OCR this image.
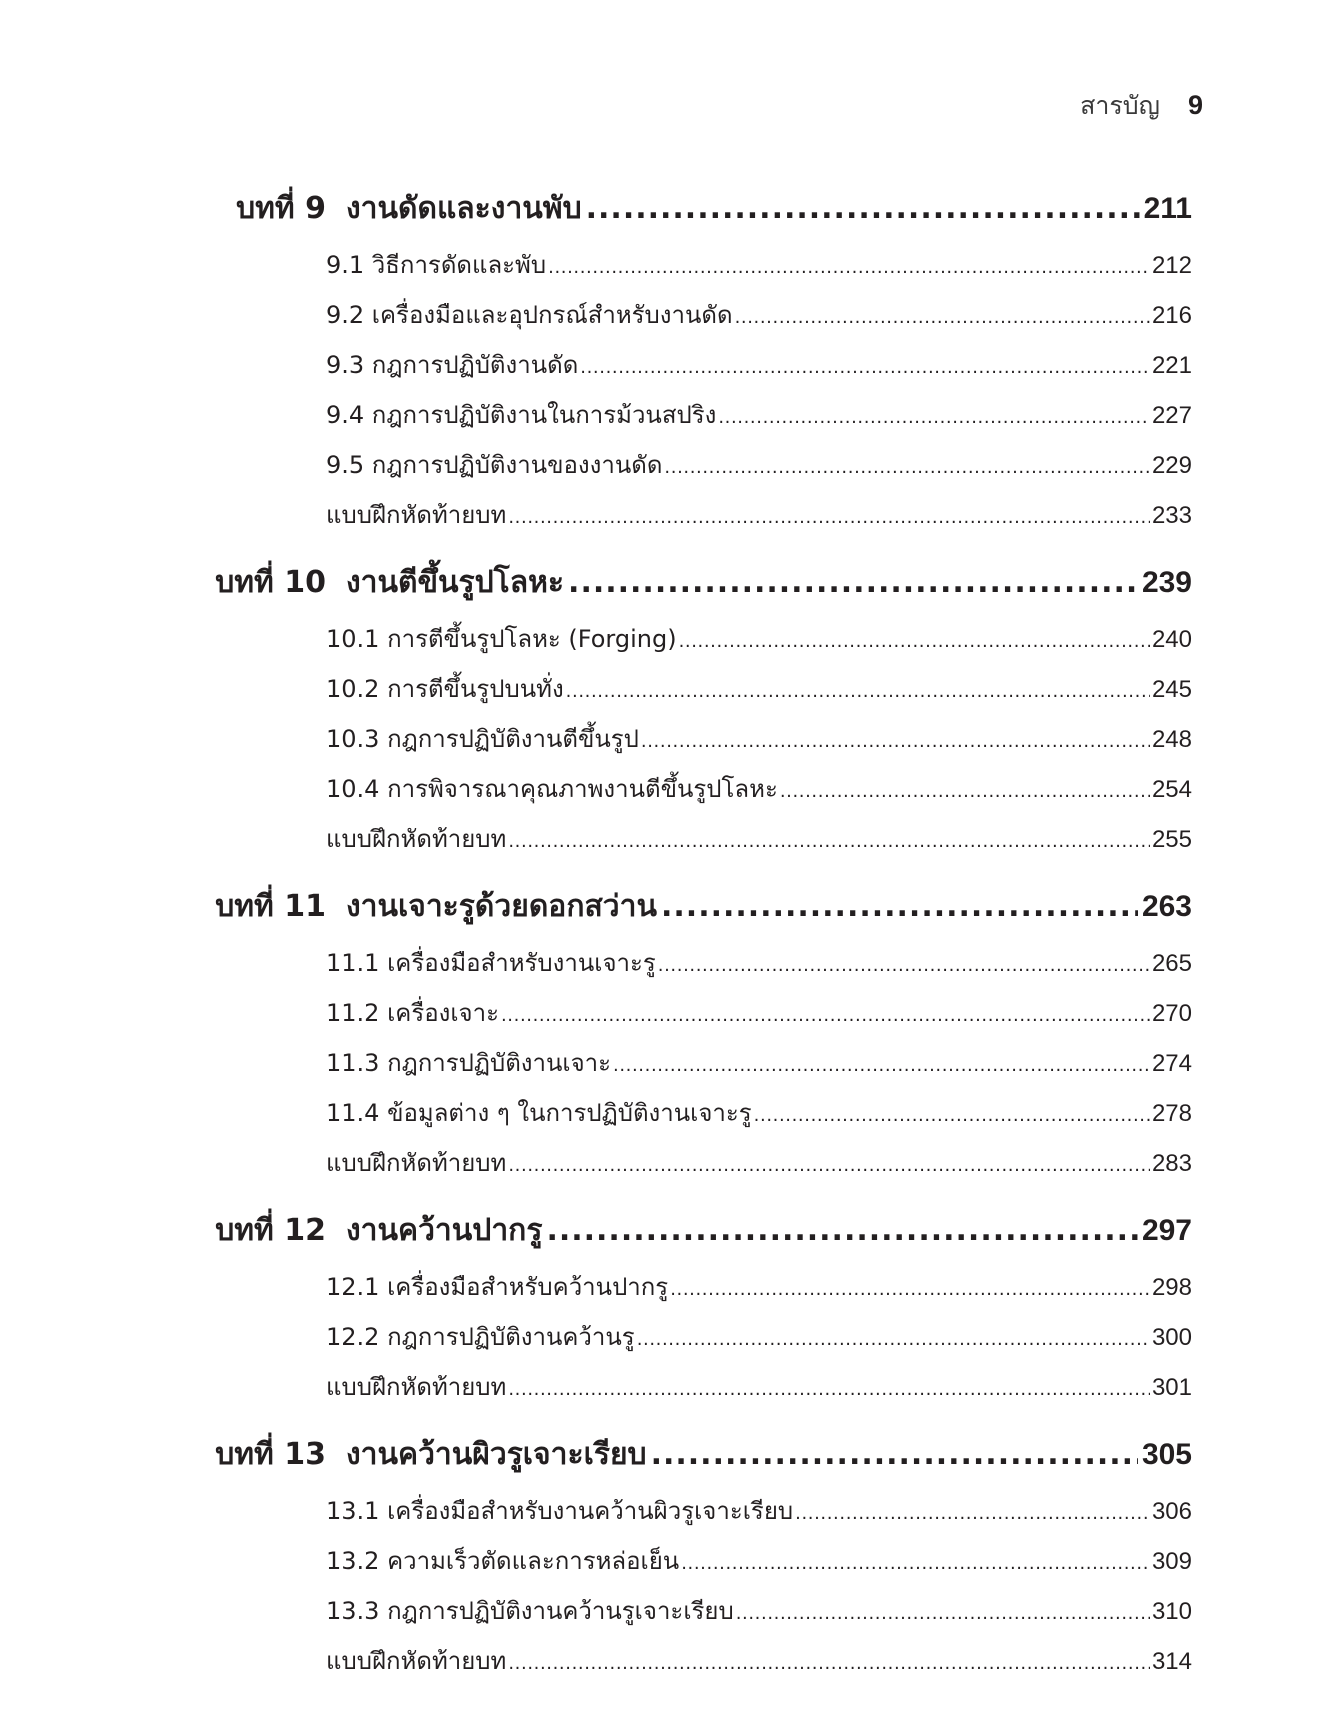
สารบัญ 9
บทที่ 9 งานดัดและงานพับ .....	211
9.1 วิธีการดัดและพับ .....	212
9.2 เครื่องมือและอุปกรณ์สำหรับงานดัด .....	216
9.3 กฎการปฏิบัติงานดัด .....	221
9.4 กฎการปฏิบัติงานในการม้วนสปริง .....	227
9.5 กฎการปฏิบัติงานของงานดัด .....	229
แบบฝึกหัดท้ายบท .....	233
บทที่ 10 งานตีขึ้นรูปโลหะ .....	239
10.1 การตีขึ้นรูปโลหะ (Forging) .....	240
10.2 การตีขึ้นรูปบนทั่ง .....	245
10.3 กฎการปฏิบัติงานตีขึ้นรูป .....	248
10.4 การพิจารณาคุณภาพงานตีขึ้นรูปโลหะ .....	254
แบบฝึกหัดท้ายบท .....	255
บทที่ 11 งานเจาะรูด้วยดอกสว่าน .....	263
11.1 เครื่องมือสำหรับงานเจาะรู .....	265
11.2 เครื่องเจาะ .....	270
11.3 กฎการปฏิบัติงานเจาะ .....	274
11.4 ข้อมูลต่าง ๆ ในการปฏิบัติงานเจาะรู .....	278
แบบฝึกหัดท้ายบท .....	283
บทที่ 12 งานคว้านปากรู .....	297
12.1 เครื่องมือสำหรับคว้านปากรู .....	298
12.2 กฎการปฏิบัติงานคว้านรู .....	300
แบบฝึกหัดท้ายบท .....	301
บทที่ 13 งานคว้านผิวรูเจาะเรียบ .....	305
13.1 เครื่องมือสำหรับงานคว้านผิวรูเจาะเรียบ .....	306
13.2 ความเร็วตัดและการหล่อเย็น .....	309
13.3 กฎการปฏิบัติงานคว้านรูเจาะเรียบ .....	310
แบบฝึกหัดท้ายบท .....	314
